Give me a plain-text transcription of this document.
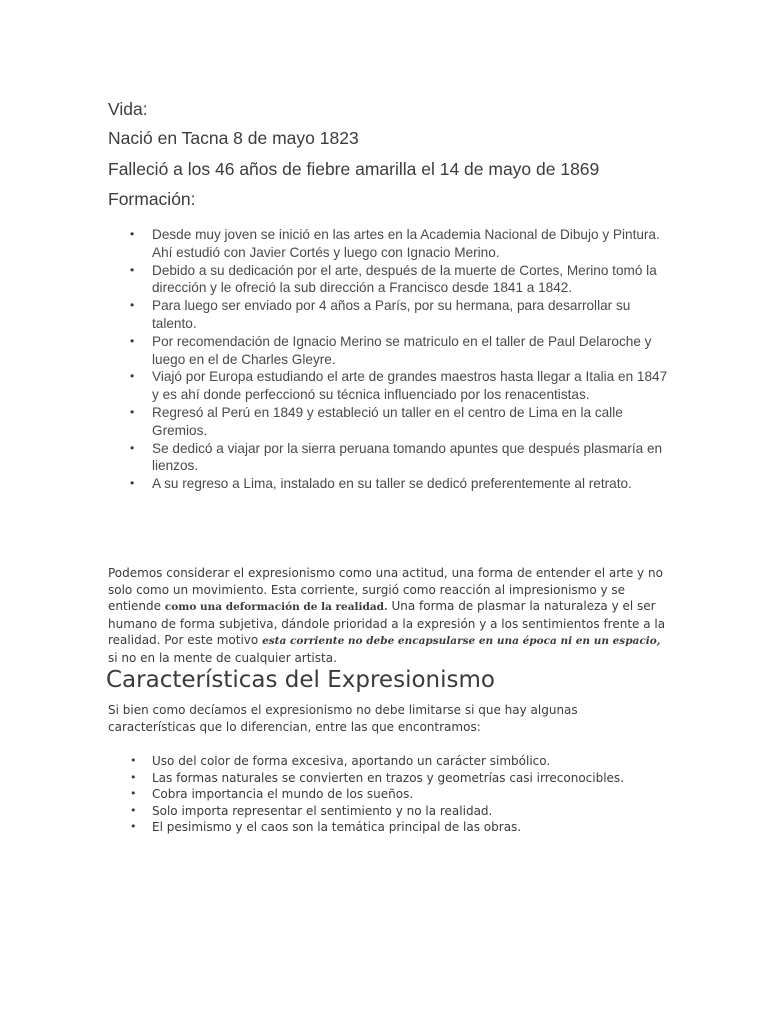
Vida:
Nació en Tacna 8 de mayo 1823
Falleció a los 46 años de fiebre amarilla el 14 de mayo de 1869
Formación:
• Desde muy joven se inició en las artes en la Academia Nacional de Dibujo y Pintura. Ahí estudió con Javier Cortés y luego con Ignacio Merino.
• Debido a su dedicación por el arte, después de la muerte de Cortes, Merino tomó la dirección y le ofreció la sub dirección a Francisco desde 1841 a 1842.
• Para luego ser enviado por 4 años a París, por su hermana, para desarrollar su talento.
• Por recomendación de Ignacio Merino se matriculo en el taller de Paul Delaroche y luego en el de Charles Gleyre.
• Viajó por Europa estudiando el arte de grandes maestros hasta llegar a Italia en 1847 y es ahí donde perfeccionó su técnica influenciado por los renacentistas.
• Regresó al Perú en 1849 y estableció un taller en el centro de Lima en la calle Gremios.
• Se dedicó a viajar por la sierra peruana tomando apuntes que después plasmaría en lienzos.
• A su regreso a Lima, instalado en su taller se dedicó preferentemente al retrato.

Podemos considerar el expresionismo como una actitud, una forma de entender el arte y no solo como un movimiento. Esta corriente, surgió como reacción al impresionismo y se entiende como una deformación de la realidad. Una forma de plasmar la naturaleza y el ser humano de forma subjetiva, dándole prioridad a la expresión y a los sentimientos frente a la realidad. Por este motivo esta corriente no debe encapsularse en una época ni en un espacio, si no en la mente de cualquier artista.

Características del Expresionismo

Si bien como decíamos el expresionismo no debe limitarse si que hay algunas características que lo diferencian, entre las que encontramos:

• Uso del color de forma excesiva, aportando un carácter simbólico.
• Las formas naturales se convierten en trazos y geometrías casi irreconocibles.
• Cobra importancia el mundo de los sueños.
• Solo importa representar el sentimiento y no la realidad.
• El pesimismo y el caos son la temática principal de las obras.
